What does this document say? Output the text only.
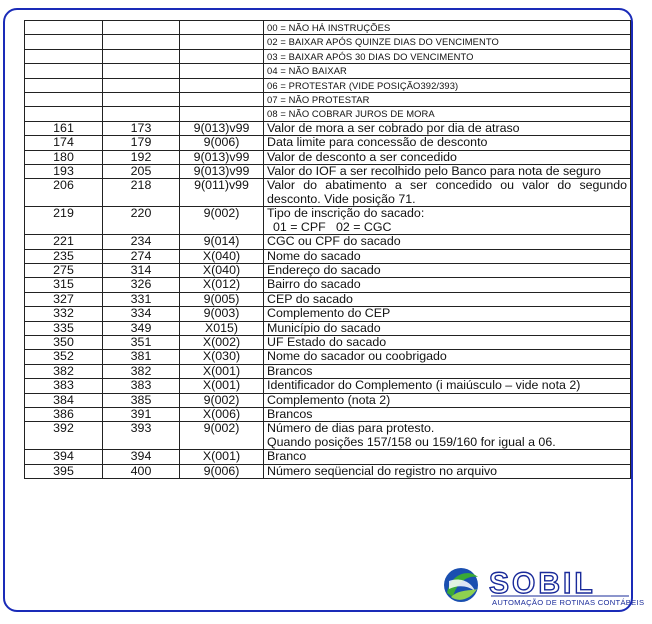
			00 = NÃO HÁ INSTRUÇÕES
			02 = BAIXAR APÓS QUINZE DIAS DO VENCIMENTO
			03 = BAIXAR APÓS 30 DIAS DO VENCIMENTO
			04 = NÃO BAIXAR
			06 = PROTESTAR (VIDE POSIÇÃO392/393)
			07 = NÃO PROTESTAR
			08 = NÃO COBRAR JUROS DE MORA
161	173	9(013)v99	Valor de mora a ser cobrado por dia de atraso
174	179	9(006)	Data limite para concessão de desconto
180	192	9(013)v99	Valor de desconto a ser concedido
193	205	9(013)v99	Valor do IOF a ser recolhido pelo Banco para nota de seguro
206	218	9(011)v99	Valor do abatimento a ser concedido ou valor do segundo desconto. Vide posição 71.
219	220	9(002)	Tipo de inscrição do sacado:
01 = CPF   02 = CGC
221	234	9(014)	CGC ou CPF do sacado
235	274	X(040)	Nome do sacado
275	314	X(040)	Endereço do sacado
315	326	X(012)	Bairro do sacado
327	331	9(005)	CEP do sacado
332	334	9(003)	Complemento do CEP
335	349	X015)	Município do sacado
350	351	X(002)	UF Estado do sacado
352	381	X(030)	Nome do sacador ou coobrigado
382	382	X(001)	Brancos
383	383	X(001)	Identificador do Complemento (i maiúsculo – vide nota 2)
384	385	9(002)	Complemento (nota 2)
386	391	X(006)	Brancos
392	393	9(002)	Número de dias para protesto.
Quando posições 157/158 ou 159/160 for igual a 06.
394	394	X(001)	Branco
395	400	9(006)	Número seqüencial do registro no arquivo
SOBIL
AUTOMAÇÃO DE ROTINAS CONTÁBEIS
